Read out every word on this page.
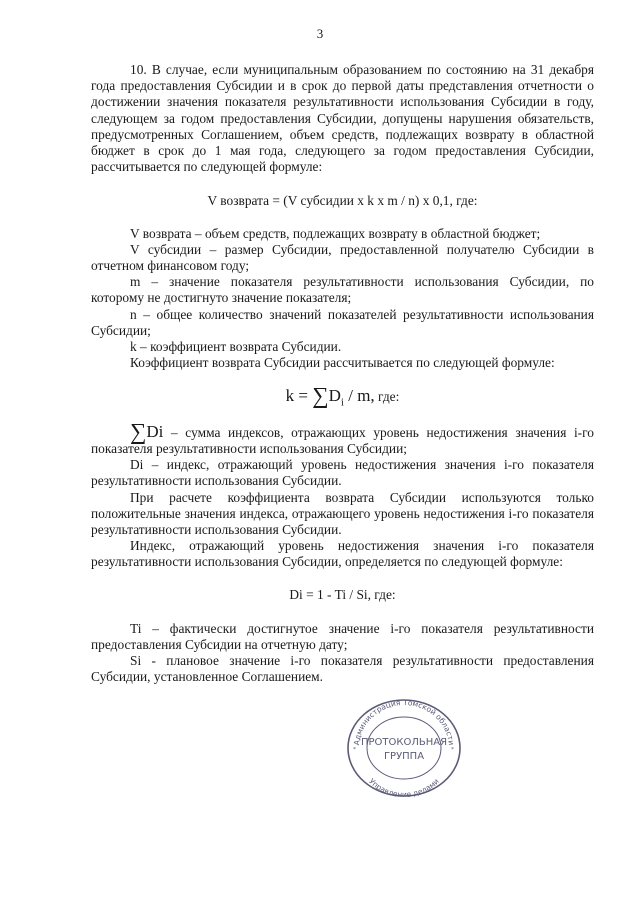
3

10. В случае, если муниципальным образованием по состоянию на 31 декабря года предоставления Субсидии и в срок до первой даты представления отчетности о достижении значения показателя результативности использования Субсидии в году, следующем за годом предоставления Субсидии, допущены нарушения обязательств, предусмотренных Соглашением, объем средств, подлежащих возврату в областной бюджет в срок до 1 мая года, следующего за годом предоставления Субсидии, рассчитывается по следующей формуле:

V возврата = (V субсидии x k x m / n) x 0,1, где:

V возврата – объем средств, подлежащих возврату в областной бюджет;

V субсидии – размер Субсидии, предоставленной получателю Субсидии в отчетном финансовом году;

m – значение показателя результативности использования Субсидии, по которому не достигнуто значение показателя;

n – общее количество значений показателей результативности использования Субсидии;

k – коэффициент возврата Субсидии.

Коэффициент возврата Субсидии рассчитывается по следующей формуле:

$k = \sum D_i / m$, где:

∑Di – сумма индексов, отражающих уровень недостижения значения i-го показателя результативности использования Субсидии;

Di – индекс, отражающий уровень недостижения значения i-го показателя результативности использования Субсидии.

При расчете коэффициента возврата Субсидии используются только положительные значения индекса, отражающего уровень недостижения i-го показателя результативности использования Субсидии.

Индекс, отражающий уровень недостижения значения i-го показателя результативности использования Субсидии, определяется по следующей формуле:

Di = 1 - Ti / Si, где:

Ti – фактически достигнутое значение i-го показателя результативности предоставления Субсидии на отчетную дату;

Si - плановое значение i-го показателя результативности предоставления Субсидии, установленное Соглашением.

Администрация Томской области
Управление делами
ПРОТОКОЛЬНАЯ
ГРУППА
*	*
